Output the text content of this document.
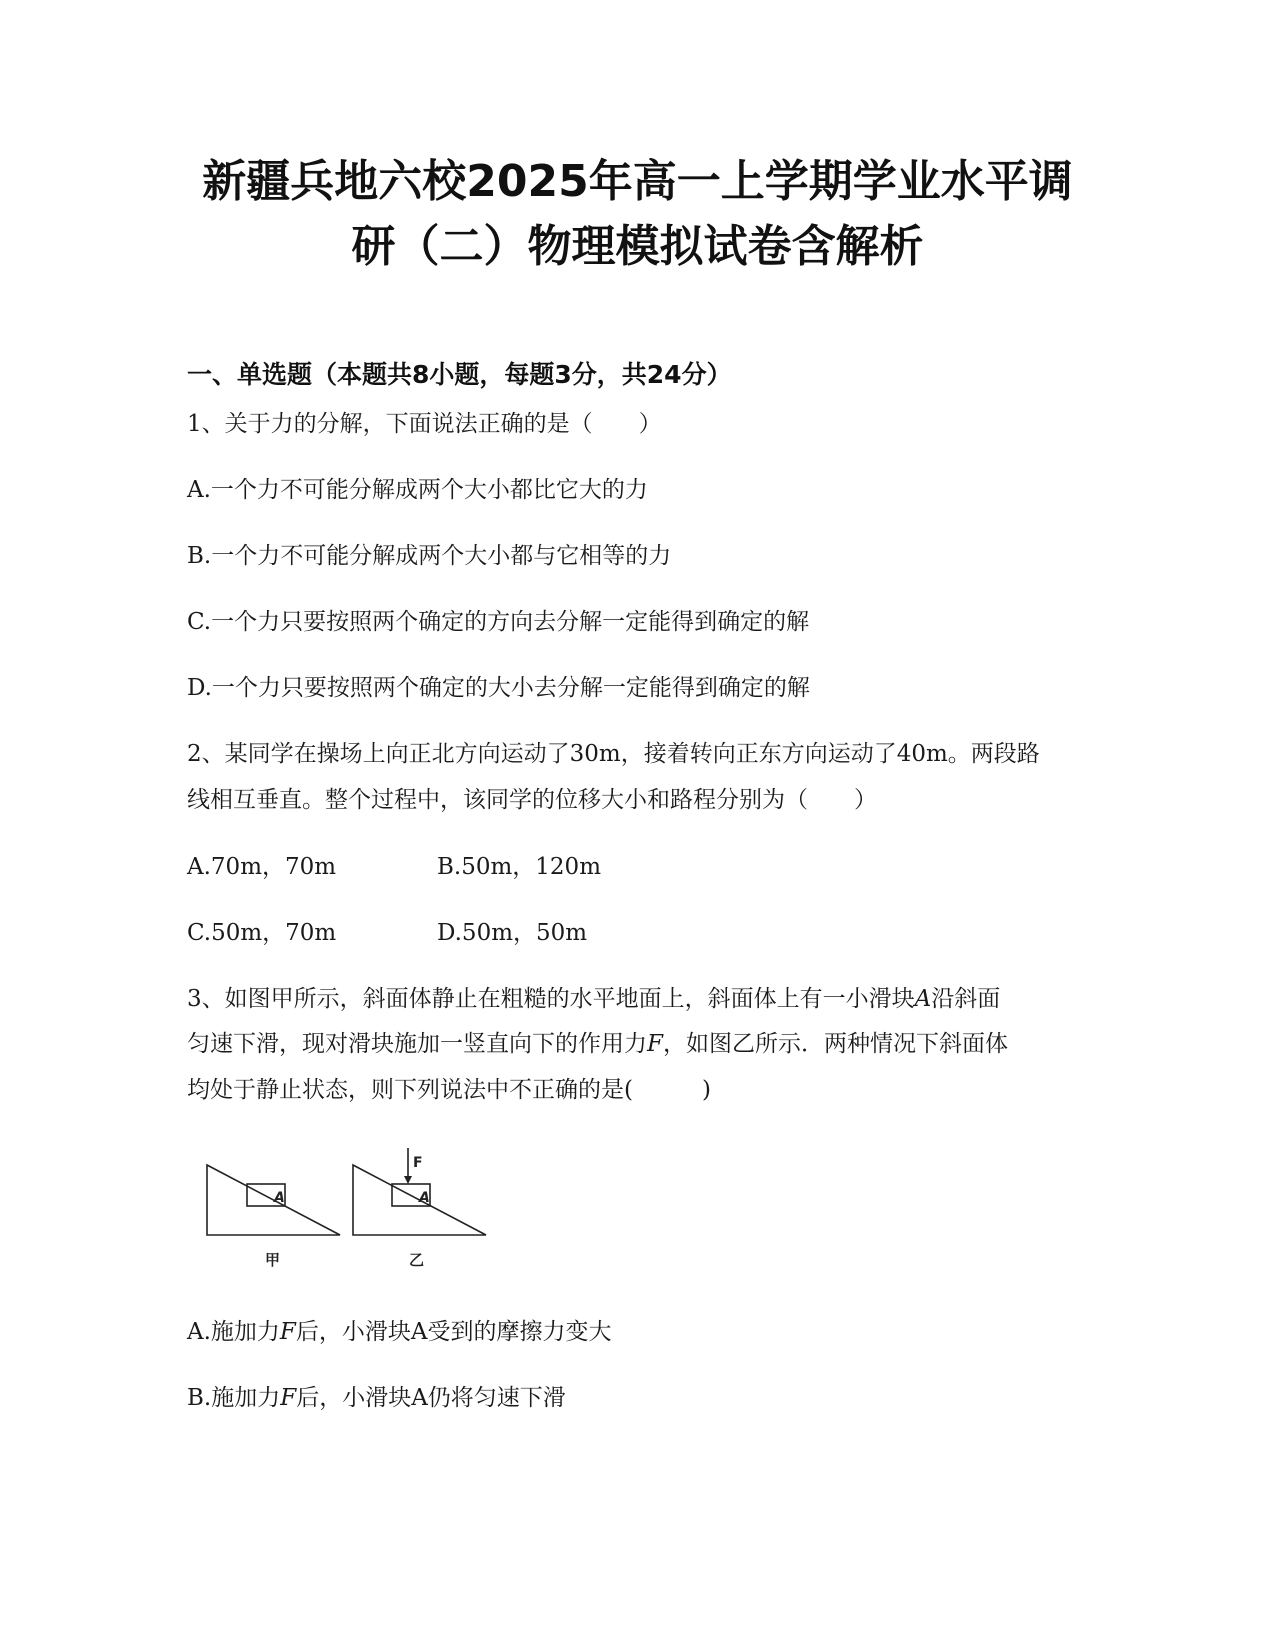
新疆兵地六校2025年高一上学期学业水平调
研（二）物理模拟试卷含解析
一、单选题（本题共8小题，每题3分，共24分）
1、关于力的分解，下面说法正确的是（　　）
A.一个力不可能分解成两个大小都比它大的力
B.一个力不可能分解成两个大小都与它相等的力
C.一个力只要按照两个确定的方向去分解一定能得到确定的解
D.一个力只要按照两个确定的大小去分解一定能得到确定的解
2、某同学在操场上向正北方向运动了30m，接着转向正东方向运动了40m。两段路
线相互垂直。整个过程中，该同学的位移大小和路程分别为（　　）
A.70m，70m	B.50m，120m
C.50m，70m	D.50m，50m
3、如图甲所示，斜面体静止在粗糙的水平地面上，斜面体上有一小滑块A沿斜面
匀速下滑，现对滑块施加一竖直向下的作用力F，如图乙所示．两种情况下斜面体
均处于静止状态，则下列说法中不正确的是(　　　)
A
甲
A
F
乙
A.施加力F后，小滑块A受到的摩擦力变大
B.施加力F后，小滑块A仍将匀速下滑
